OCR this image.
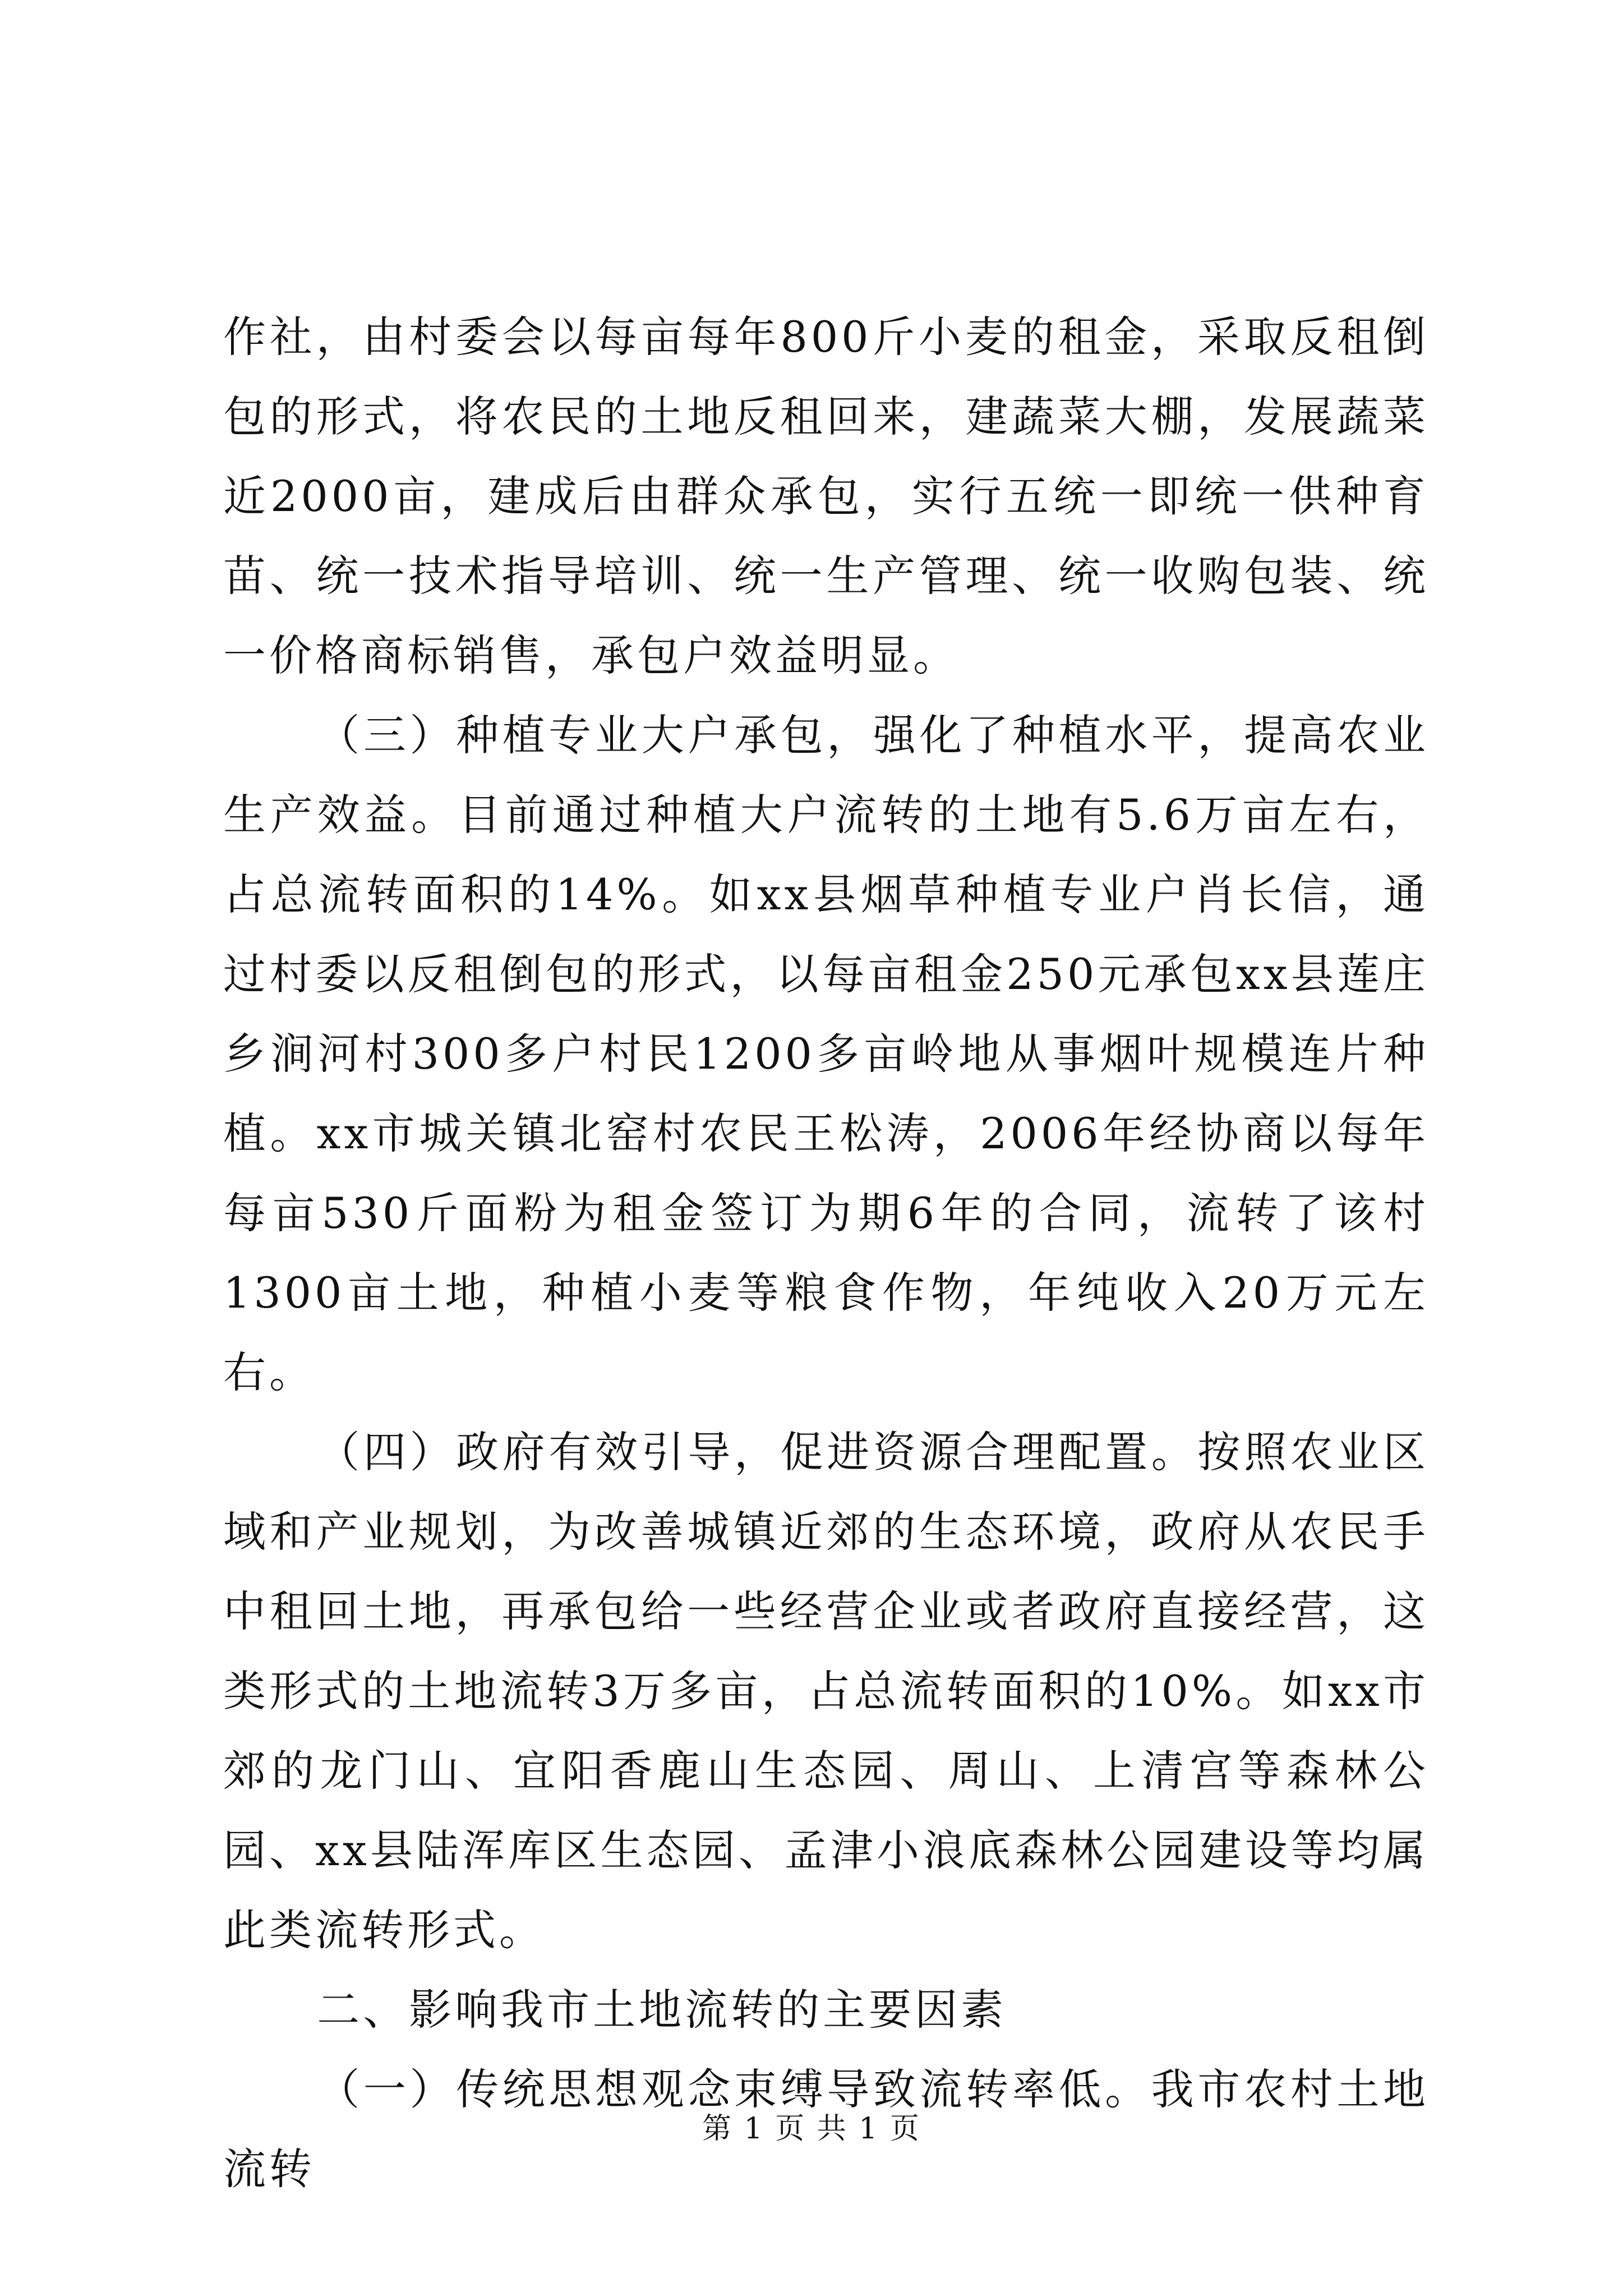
作社，由村委会以每亩每年800斤小麦的租金，采取反租倒包的形式，将农民的土地反租回来，建蔬菜大棚，发展蔬菜近2000亩，建成后由群众承包，实行五统一即统一供种育苗、统一技术指导培训、统一生产管理、统一收购包装、统一价格商标销售，承包户效益明显。

（三）种植专业大户承包，强化了种植水平，提高农业生产效益。目前通过种植大户流转的土地有5.6万亩左右，占总流转面积的14%。如xx县烟草种植专业户肖长信，通过村委以反租倒包的形式，以每亩租金250元承包xx县莲庄乡涧河村300多户村民1200多亩岭地从事烟叶规模连片种植。xx市城关镇北窑村农民王松涛，2006年经协商以每年每亩530斤面粉为租金签订为期6年的合同，流转了该村1300亩土地，种植小麦等粮食作物，年纯收入20万元左右。

（四）政府有效引导，促进资源合理配置。按照农业区域和产业规划，为改善城镇近郊的生态环境，政府从农民手中租回土地，再承包给一些经营企业或者政府直接经营，这类形式的土地流转3万多亩，占总流转面积的10%。如xx市郊的龙门山、宜阳香鹿山生态园、周山、上清宫等森林公园、xx县陆浑库区生态园、孟津小浪底森林公园建设等均属此类流转形式。

二、影响我市土地流转的主要因素

（一）传统思想观念束缚导致流转率低。我市农村土地流转

第 1 页 共 1 页
